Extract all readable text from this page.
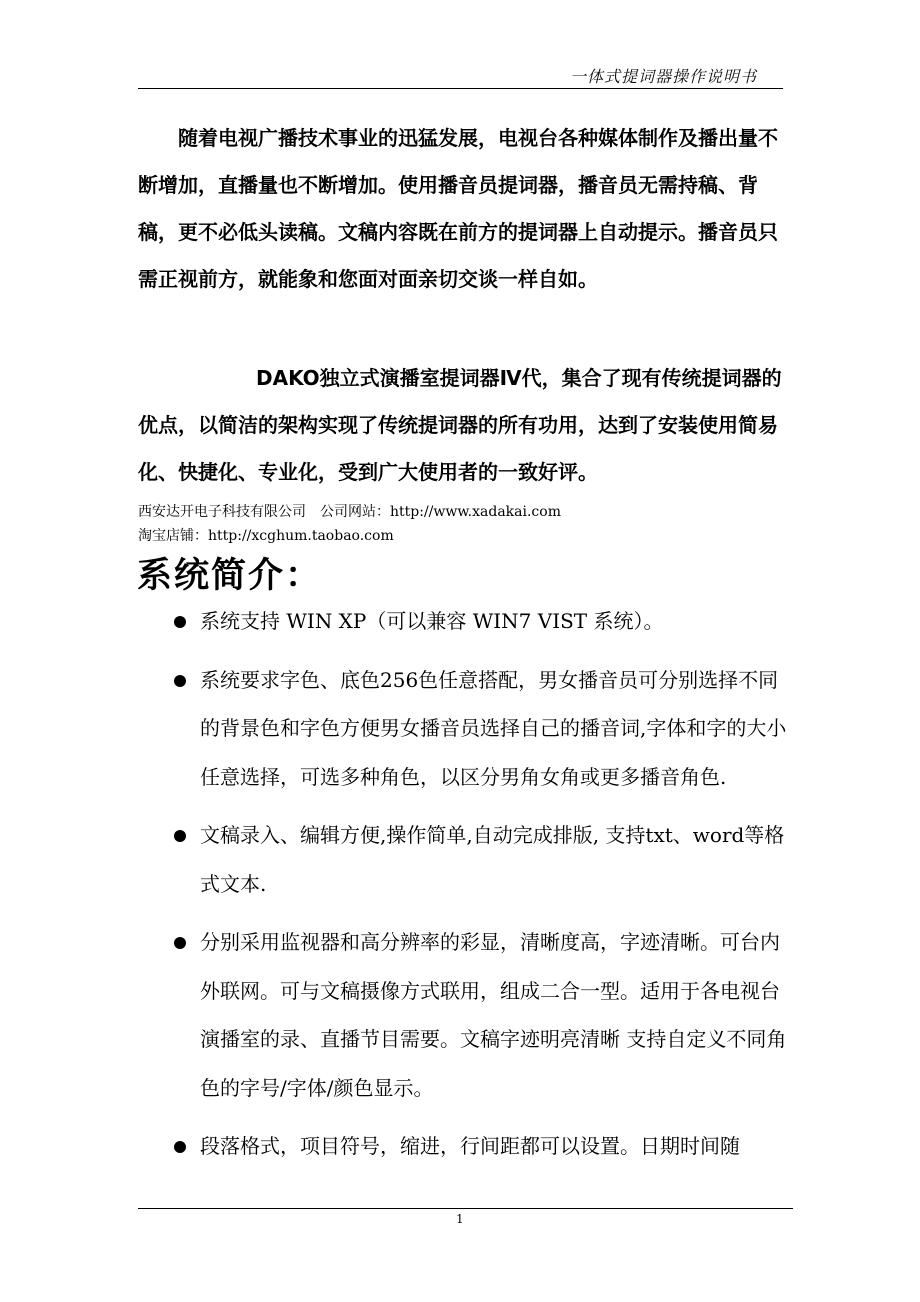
一体式提词器操作说明书

随着电视广播技术事业的迅猛发展，电视台各种媒体制作及播出量不断增加，直播量也不断增加。使用播音员提词器，播音员无需持稿、背稿，更不必低头读稿。文稿内容既在前方的提词器上自动提示。播音员只需正视前方，就能象和您面对面亲切交谈一样自如。

DAKO独立式演播室提词器Ⅳ代，集合了现有传统提词器的优点，以简洁的架构实现了传统提词器的所有功用，达到了安装使用简易化、快捷化、专业化，受到广大使用者的一致好评。

西安达开电子科技有限公司　公司网站：http://www.xadakai.com
淘宝店铺：http://xcghum.taobao.com
系统简介：
系统支持 WIN XP（可以兼容 WIN7 VIST 系统）。
系统要求字色、底色256色任意搭配，男女播音员可分别选择不同的背景色和字色方便男女播音员选择自己的播音词,字体和字的大小任意选择，可选多种角色，以区分男角女角或更多播音角色.
文稿录入、编辑方便,操作简单,自动完成排版, 支持txt、word等格式文本.
分别采用监视器和高分辨率的彩显，清晰度高，字迹清晰。可台内外联网。可与文稿摄像方式联用，组成二合一型。适用于各电视台演播室的录、直播节目需要。文稿字迹明亮清晰 支持自定义不同角色的字号/字体/颜色显示。
段落格式，项目符号，缩进，行间距都可以设置。日期时间随
1
